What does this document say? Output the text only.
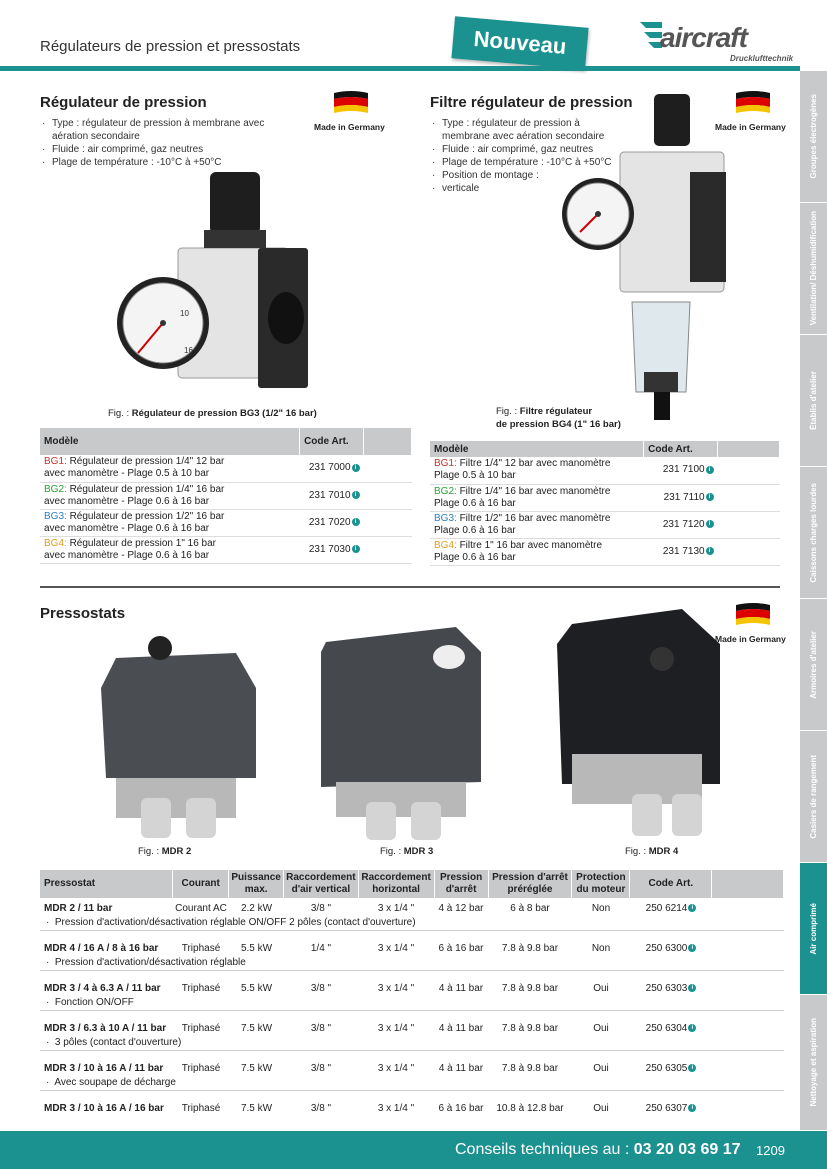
Régulateurs de pression et pressostats	Nouveau	aircraft
Drucklufttechnik
Groupes électrogènes
Ventilation/ Déshumidification
Établis d'atelier
Caissons charges lourdes
Armoires d'atelier
Casiers de rangement
Air comprimé
Nettoyage et aspiration
Régulateur de pression
· Type : régulateur de pression à membrane avec aération secondaire
· Fluide : air comprimé, gaz neutres
· Plage de température : -10°C à +50°C
Made in Germany
10
16
bar
Fig. : Régulateur de pression BG3 (1/2" 16 bar)
Modèle	Code Art.	
BG1: Régulateur de pression 1/4" 12 bar
avec manomètre - Plage 0.5 à 10 bar	231 7000 i	
BG2: Régulateur de pression 1/4" 16 bar
avec manomètre - Plage 0.6 à 16 bar	231 7010 i	
BG3: Régulateur de pression 1/2" 16 bar
avec manomètre - Plage 0.6 à 16 bar	231 7020 i	
BG4: Régulateur de pression 1" 16 bar
avec manomètre - Plage 0.6 à 16 bar	231 7030 i	
Filtre régulateur de pression
· Type : régulateur de pression à membrane avec aération secondaire
· Fluide : air comprimé, gaz neutres
· Plage de température : -10°C à +50°C
· Position de montage :
· verticale
Made in Germany
Fig. : Filtre régulateur
de pression BG4 (1" 16 bar)
Modèle	Code Art.	
BG1: Filtre 1/4" 12 bar avec manomètre
Plage 0.5 à 10 bar	231 7100 i	
BG2: Filtre 1/4" 16 bar avec manomètre
Plage 0.6 à 16 bar	231 7110 i	
BG3: Filtre 1/2" 16 bar avec manomètre
Plage 0.6 à 16 bar	231 7120 i	
BG4: Filtre 1" 16 bar avec manomètre
Plage 0.6 à 16 bar	231 7130 i	
Pressostats
Made in Germany
Fig. : MDR 2	Fig. : MDR 3	Fig. : MDR 4
Pressostat	Courant	Puissance max.	Raccordement d'air vertical	Raccordement horizontal	Pression d'arrêt	Pression d'arrêt préréglée	Protection du moteur	Code Art.	
MDR 2 / 11 bar	Courant AC	2.2 kW	3/8 "	3 x 1/4 "	4 à 12 bar	6 à 8 bar	Non	250 6214 i	
·  Pression d'activation/désactivation réglable ON/OFF 2 pôles (contact d'ouverture)									

MDR 4 / 16 A / 8 à 16 bar	Triphasé	5.5 kW	1/4 "	3 x 1/4 "	6 à 16 bar	7.8 à 9.8 bar	Non	250 6300 i	
·  Pression d'activation/désactivation réglable									

MDR 3 / 4 à 6.3 A / 11 bar	Triphasé	5.5 kW	3/8 "	3 x 1/4 "	4 à 11 bar	7.8 à 9.8 bar	Oui	250 6303 i	
·  Fonction ON/OFF									

MDR 3 / 6.3 à 10 A / 11 bar	Triphasé	7.5 kW	3/8 "	3 x 1/4 "	4 à 11 bar	7.8 à 9.8 bar	Oui	250 6304 i	
·  3 pôles (contact d'ouverture)									

MDR 3 / 10 à 16 A / 11 bar	Triphasé	7.5 kW	3/8 "	3 x 1/4 "	4 à 11 bar	7.8 à 9.8 bar	Oui	250 6305 i	
·  Avec soupape de décharge									

MDR 3 / 10 à 16 A / 16 bar	Triphasé	7.5 kW	3/8 "	3 x 1/4 "	6 à 16 bar	10.8 à 12.8 bar	Oui	250 6307 i	
Conseils techniques au : 03 20 03 69 17 1209
